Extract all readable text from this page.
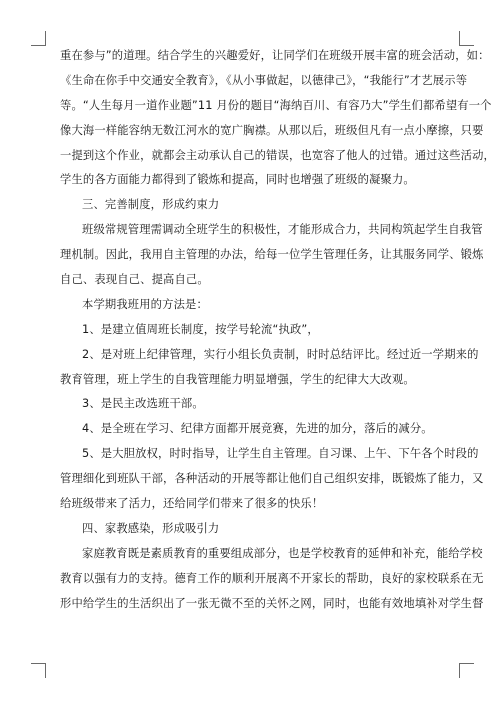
重在参与”的道理。结合学生的兴趣爱好，让同学们在班级开展丰富的班会活动，如：
《生命在你手中交通安全教育》，《从小事做起，以德律己》，“我能行”才艺展示等
等。“人生每月一道作业题”11 月份的题目“海纳百川、有容乃大”学生们都希望有一个
像大海一样能容纳无数江河水的宽广胸襟。从那以后，班级但凡有一点小摩擦，只要
一提到这个作业，就都会主动承认自己的错误，也宽容了他人的过错。通过这些活动，
学生的各方面能力都得到了锻炼和提高，同时也增强了班级的凝聚力。
三、完善制度，形成约束力
班级常规管理需调动全班学生的积极性，才能形成合力，共同构筑起学生自我管
理机制。因此，我用自主管理的办法，给每一位学生管理任务，让其服务同学、锻炼
自己、表现自己、提高自己。
本学期我班用的方法是：
1、是建立值周班长制度，按学号轮流“执政”，
2、是对班上纪律管理，实行小组长负责制，时时总结评比。经过近一学期来的
教育管理，班上学生的自我管理能力明显增强，学生的纪律大大改观。
3、是民主改选班干部。
4、是全班在学习、纪律方面都开展竞赛，先进的加分，落后的减分。
5、是大胆放权，时时指导，让学生自主管理。自习课、上午、下午各个时段的
管理细化到班队干部，各种活动的开展等都让他们自己组织安排，既锻炼了能力，又
给班级带来了活力，还给同学们带来了很多的快乐！
四、家教感染，形成吸引力
家庭教育既是素质教育的重要组成部分，也是学校教育的延伸和补充，能给学校
教育以强有力的支持。德育工作的顺利开展离不开家长的帮助，良好的家校联系在无
形中给学生的生活织出了一张无微不至的关怀之网，同时，也能有效地填补对学生督
